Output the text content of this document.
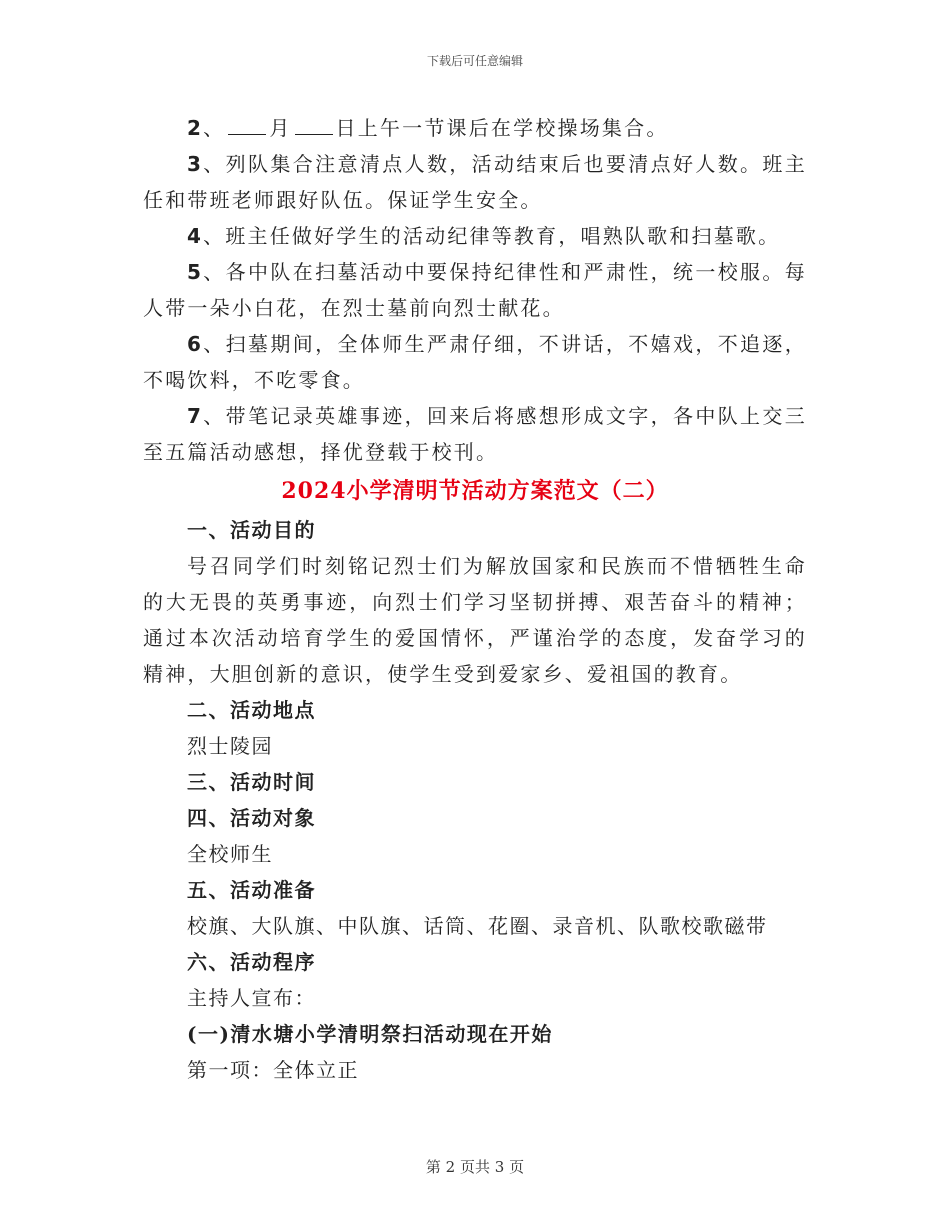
下载后可任意编辑

2、 月 日上午一节课后在学校操场集合。

3、列队集合注意清点人数，活动结束后也要清点好人数。班主任和带班老师跟好队伍。保证学生安全。

4、班主任做好学生的活动纪律等教育，唱熟队歌和扫墓歌。

5、各中队在扫墓活动中要保持纪律性和严肃性，统一校服。每人带一朵小白花，在烈士墓前向烈士献花。

6、扫墓期间，全体师生严肃仔细，不讲话，不嬉戏，不追逐，不喝饮料，不吃零食。

7、带笔记录英雄事迹，回来后将感想形成文字，各中队上交三至五篇活动感想，择优登载于校刊。

2024小学清明节活动方案范文（二）

一、活动目的

号召同学们时刻铭记烈士们为解放国家和民族而不惜牺牲生命的大无畏的英勇事迹，向烈士们学习坚韧拼搏、艰苦奋斗的精神；通过本次活动培育学生的爱国情怀，严谨治学的态度，发奋学习的精神，大胆创新的意识，使学生受到爱家乡、爱祖国的教育。

二、活动地点

烈士陵园

三、活动时间

四、活动对象

全校师生

五、活动准备

校旗、大队旗、中队旗、话筒、花圈、录音机、队歌校歌磁带

六、活动程序

主持人宣布：

(一)清水塘小学清明祭扫活动现在开始

第一项：全体立正

第 2 页共 3 页
